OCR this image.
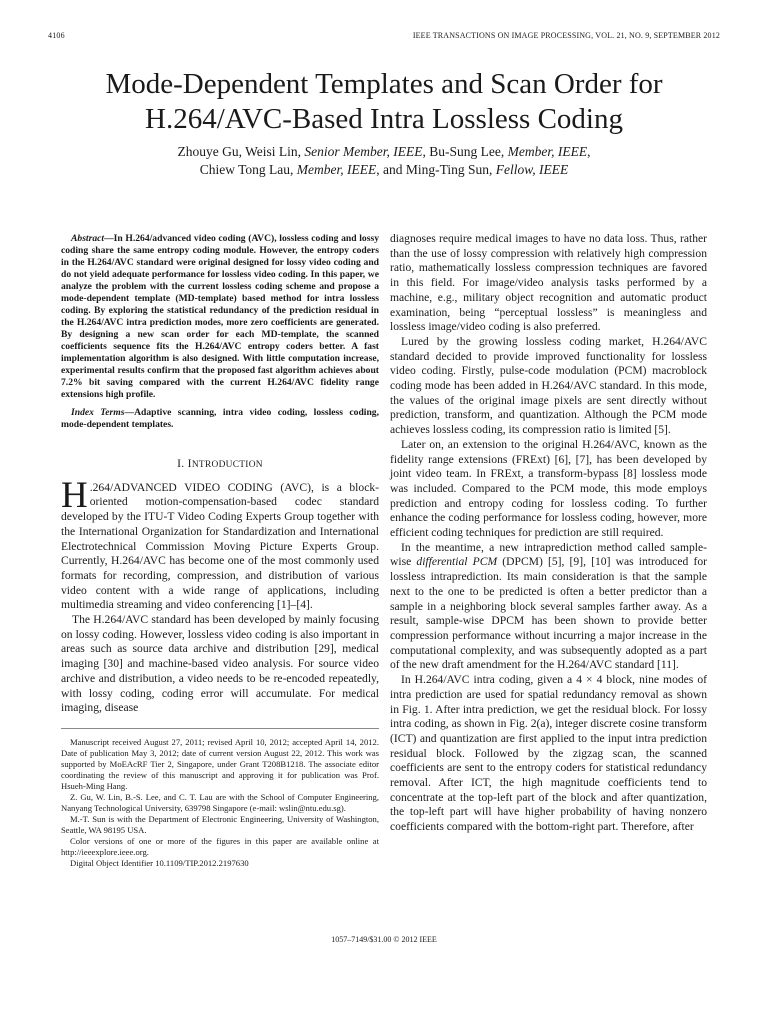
4106	IEEE TRANSACTIONS ON IMAGE PROCESSING, VOL. 21, NO. 9, SEPTEMBER 2012
Mode-Dependent Templates and Scan Order for
H.264/AVC-Based Intra Lossless Coding
Zhouye Gu, Weisi Lin, Senior Member, IEEE, Bu-Sung Lee, Member, IEEE,
Chiew Tong Lau, Member, IEEE, and Ming-Ting Sun, Fellow, IEEE

Abstract—In H.264/advanced video coding (AVC), lossless coding and lossy coding share the same entropy coding module. However, the entropy coders in the H.264/AVC standard were original designed for lossy video coding and do not yield adequate performance for lossless video coding. In this paper, we analyze the problem with the current lossless coding scheme and propose a mode-dependent template (MD-template) based method for intra lossless coding. By exploring the statistical redundancy of the prediction residual in the H.264/AVC intra prediction modes, more zero coefficients are generated. By designing a new scan order for each MD-template, the scanned coefficients sequence fits the H.264/AVC entropy coders better. A fast implementation algorithm is also designed. With little computation increase, experimental results confirm that the proposed fast algorithm achieves about 7.2% bit saving compared with the current H.264/AVC fidelity range extensions high profile.

Index Terms—Adaptive scanning, intra video coding, lossless coding, mode-dependent templates.

I. INTRODUCTION

H .264/ADVANCED VIDEO CODING (AVC), is a block-oriented motion-compensation-based codec standard developed by the ITU-T Video Coding Experts Group together with the International Organization for Standardization and International Electrotechnical Commission Moving Picture Experts Group. Currently, H.264/AVC has become one of the most commonly used formats for recording, compression, and distribution of various video content with a wide range of applications, including multimedia streaming and video conferencing [1]–[4].

The H.264/AVC standard has been developed by mainly focusing on lossy coding. However, lossless video coding is also important in areas such as source data archive and distribution [29], medical imaging [30] and machine-based video analysis. For source video archive and distribution, a video needs to be re-encoded repeatedly, with lossy coding, coding error will accumulate. For medical imaging, disease

Manuscript received August 27, 2011; revised April 10, 2012; accepted April 14, 2012. Date of publication May 3, 2012; date of current version August 22, 2012. This work was supported by MoEAcRF Tier 2, Singapore, under Grant T208B1218. The associate editor coordinating the review of this manuscript and approving it for publication was Prof. Hsueh-Ming Hang.

Z. Gu, W. Lin, B.-S. Lee, and C. T. Lau are with the School of Computer Engineering, Nanyang Technological University, 639798 Singapore (e-mail: wslin@ntu.edu.sg).

M.-T. Sun is with the Department of Electronic Engineering, University of Washington, Seattle, WA 98195 USA.

Color versions of one or more of the figures in this paper are available online at http://ieeexplore.ieee.org.

Digital Object Identifier 10.1109/TIP.2012.2197630

diagnoses require medical images to have no data loss. Thus, rather than the use of lossy compression with relatively high compression ratio, mathematically lossless compression techniques are favored in this field. For image/video analysis tasks performed by a machine, e.g., military object recognition and automatic product examination, being “perceptual lossless” is meaningless and lossless image/video coding is also preferred.

Lured by the growing lossless coding market, H.264/AVC standard decided to provide improved functionality for lossless video coding. Firstly, pulse-code modulation (PCM) macroblock coding mode has been added in H.264/AVC standard. In this mode, the values of the original image pixels are sent directly without prediction, transform, and quantization. Although the PCM mode achieves lossless coding, its compression ratio is limited [5].

Later on, an extension to the original H.264/AVC, known as the fidelity range extensions (FRExt) [6], [7], has been developed by joint video team. In FRExt, a transform-bypass [8] lossless mode was included. Compared to the PCM mode, this mode employs prediction and entropy coding for lossless coding. To further enhance the coding performance for lossless coding, however, more efficient coding techniques for prediction are still required.

In the meantime, a new intraprediction method called sample-wise differential PCM (DPCM) [5], [9], [10] was introduced for lossless intraprediction. Its main consideration is that the sample next to the one to be predicted is often a better predictor than a sample in a neighboring block several samples farther away. As a result, sample-wise DPCM has been shown to provide better compression performance without incurring a major increase in the computational complexity, and was subsequently adopted as a part of the new draft amendment for the H.264/AVC standard [11].

In H.264/AVC intra coding, given a 4 × 4 block, nine modes of intra prediction are used for spatial redundancy removal as shown in Fig. 1. After intra prediction, we get the residual block. For lossy intra coding, as shown in Fig. 2(a), integer discrete cosine transform (ICT) and quantization are first applied to the input intra prediction residual block. Followed by the zigzag scan, the scanned coefficients are sent to the entropy coders for statistical redundancy removal. After ICT, the high magnitude coefficients tend to concentrate at the top-left part of the block and after quantization, the top-left part will have higher probability of having nonzero coefficients compared with the bottom-right part. Therefore, after

1057–7149/$31.00 © 2012 IEEE
